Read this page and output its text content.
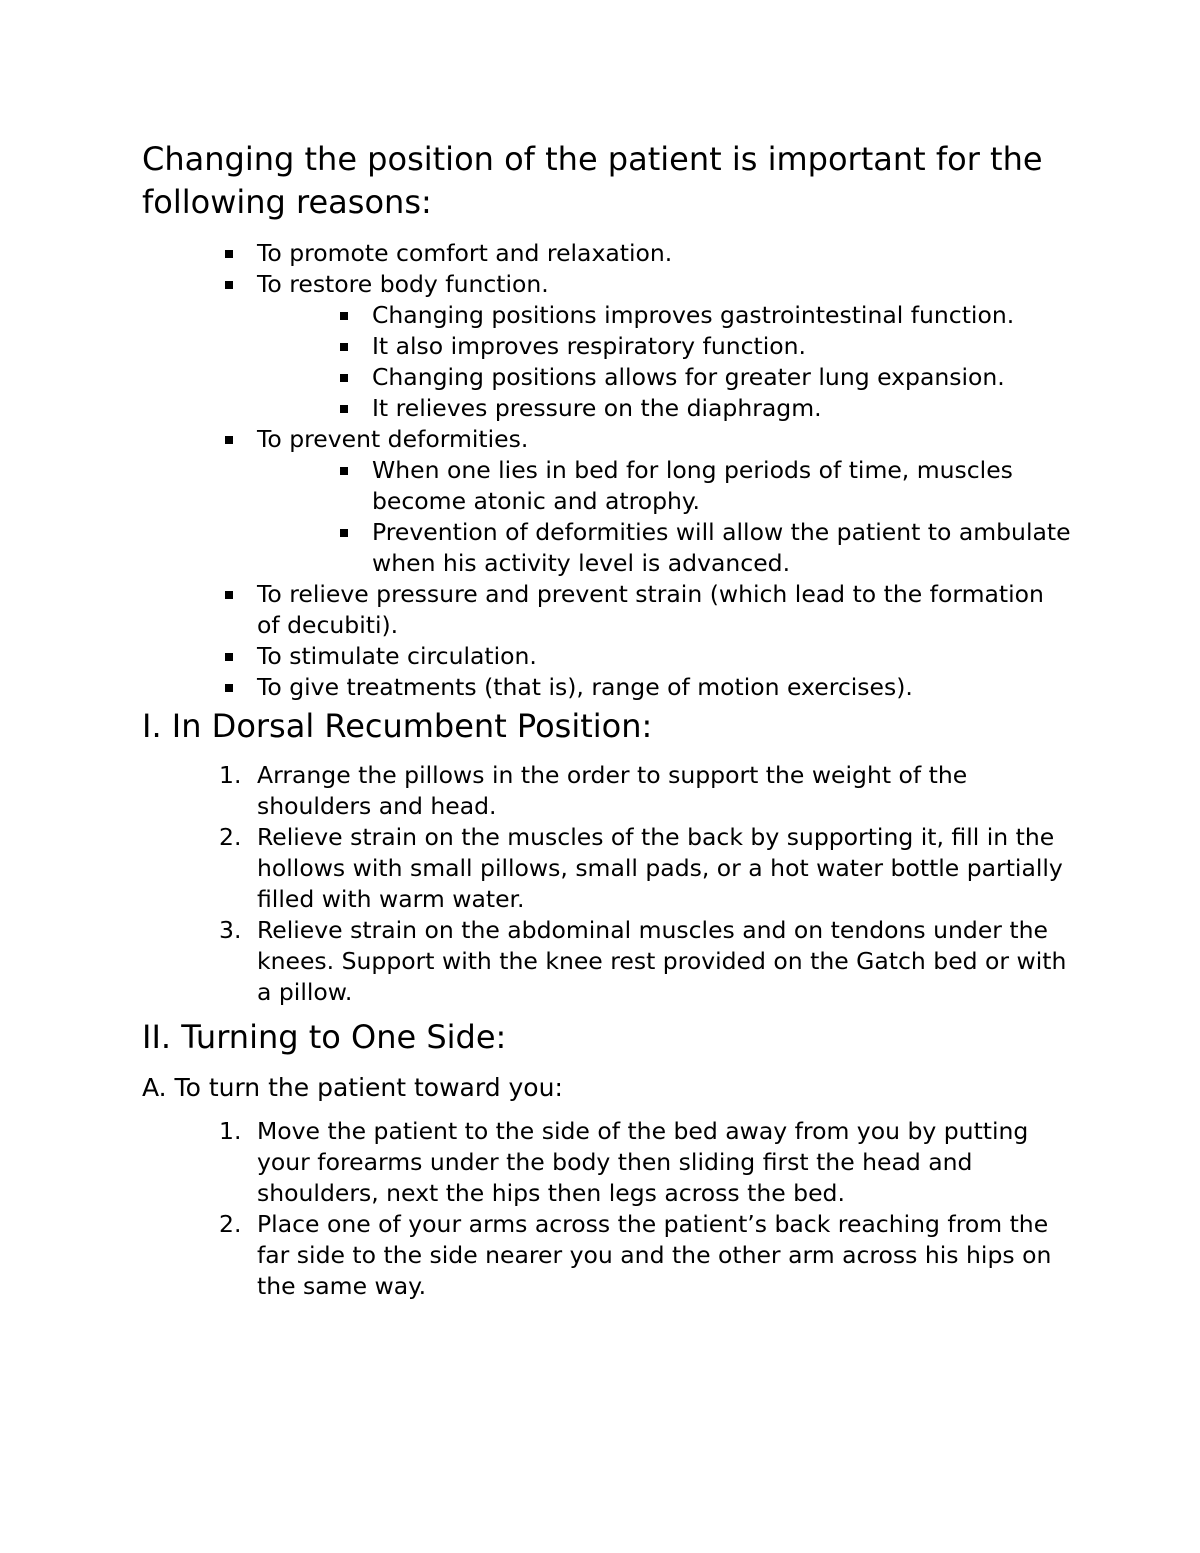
Changing the position of the patient is important for the following reasons:
To promote comfort and relaxation.
To restore body function.
Changing positions improves gastrointestinal function.
It also improves respiratory function.
Changing positions allows for greater lung expansion.
It relieves pressure on the diaphragm.
To prevent deformities.
When one lies in bed for long periods of time, muscles become atonic and atrophy.
Prevention of deformities will allow the patient to ambulate when his activity level is advanced.
To relieve pressure and prevent strain (which lead to the formation of decubiti).
To stimulate circulation.
To give treatments (that is), range of motion exercises).
I. In Dorsal Recumbent Position:
1. Arrange the pillows in the order to support the weight of the shoulders and head.
2. Relieve strain on the muscles of the back by supporting it, fill in the hollows with small pillows, small pads, or a hot water bottle partially filled with warm water.
3. Relieve strain on the abdominal muscles and on tendons under the knees. Support with the knee rest provided on the Gatch bed or with a pillow.
II. Turning to One Side:
A. To turn the patient toward you:
1. Move the patient to the side of the bed away from you by putting your forearms under the body then sliding first the head and shoulders, next the hips then legs across the bed.
2. Place one of your arms across the patient’s back reaching from the far side to the side nearer you and the other arm across his hips on the same way.
